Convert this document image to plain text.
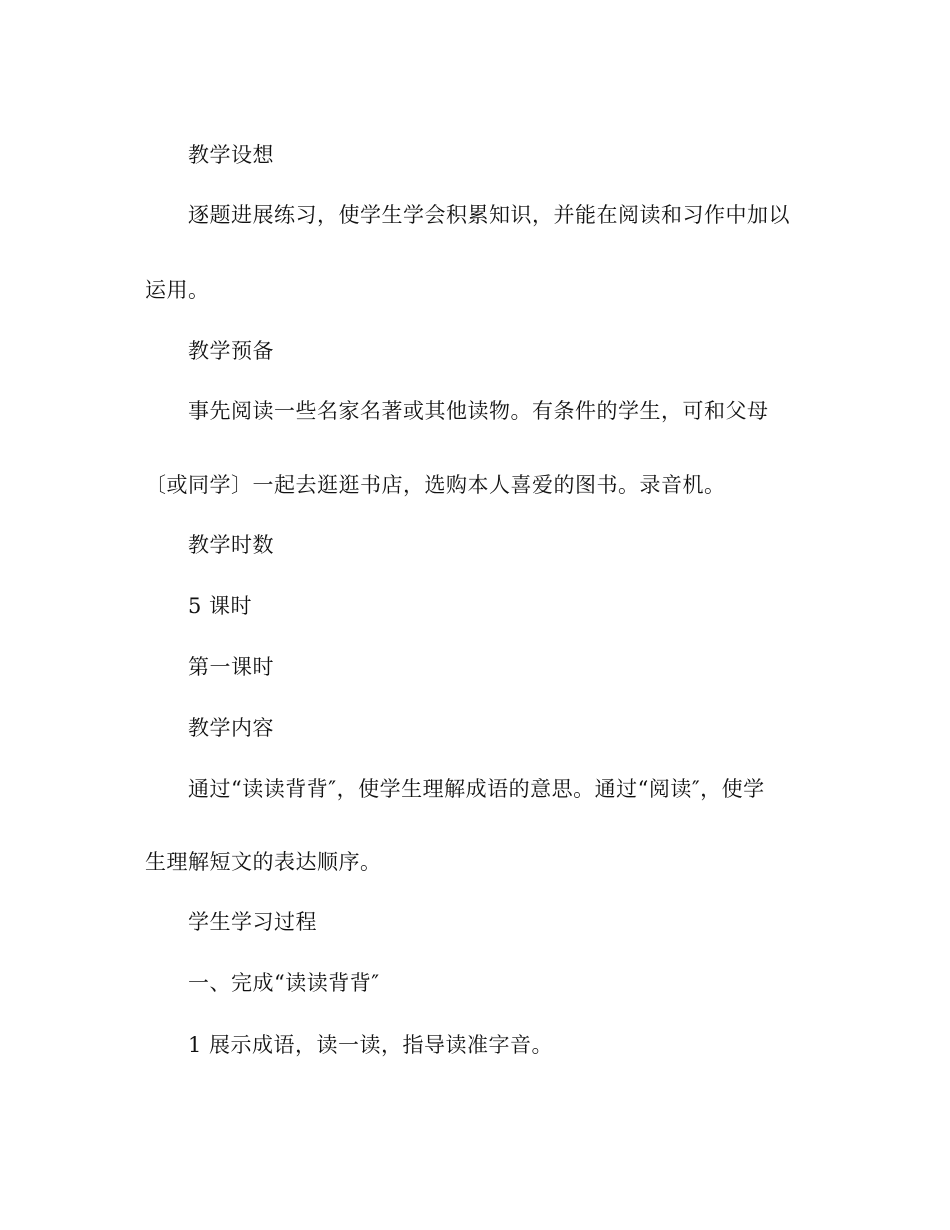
教学设想
逐题进展练习，使学生学会积累知识，并能在阅读和习作中加以
运用。
教学预备
事先阅读一些名家名著或其他读物。有条件的学生，可和父母
〔或同学〕一起去逛逛书店，选购本人喜爱的图书。录音机。
教学时数
5 课时
第一课时
教学内容
通过“读读背背″，使学生理解成语的意思。通过“阅读″，使学
生理解短文的表达顺序。
学生学习过程
一、完成“读读背背″
1 展示成语，读一读，指导读准字音。
